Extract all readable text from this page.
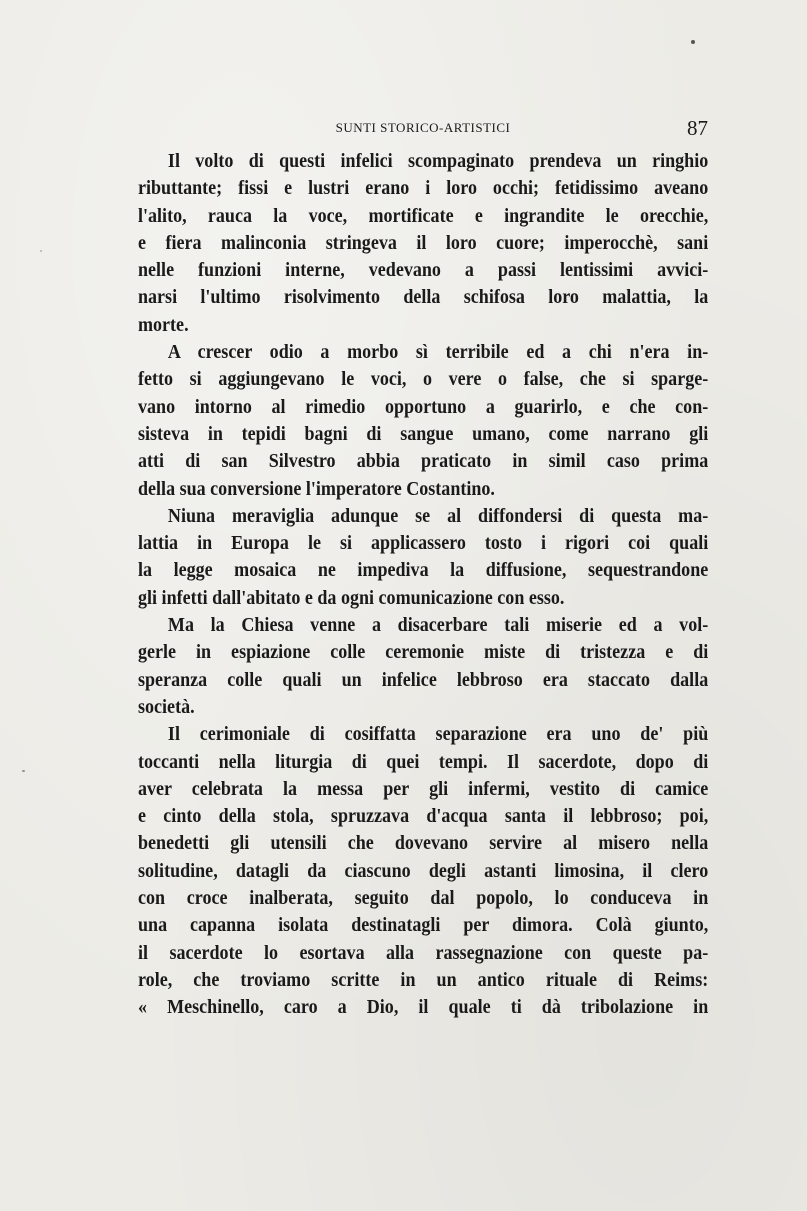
SUNTI STORICO-ARTISTICI	87
Il volto di questi infelici scompaginato prendeva un ringhio
ributtante; fissi e lustri erano i loro occhi; fetidissimo aveano
l'alito, rauca la voce, mortificate e ingrandite le orecchie,
e fiera malinconia stringeva il loro cuore; imperocchè, sani
nelle funzioni interne, vedevano a passi lentissimi avvici-
narsi l'ultimo risolvimento della schifosa loro malattia, la
morte.
A crescer odio a morbo sì terribile ed a chi n'era in-
fetto si aggiungevano le voci, o vere o false, che si sparge-
vano intorno al rimedio opportuno a guarirlo, e che con-
sisteva in tepidi bagni di sangue umano, come narrano gli
atti di san Silvestro abbia praticato in simil caso prima
della sua conversione l'imperatore Costantino.
Niuna meraviglia adunque se al diffondersi di questa ma-
lattia in Europa le si applicassero tosto i rigori coi quali
la legge mosaica ne impediva la diffusione, sequestrandone
gli infetti dall'abitato e da ogni comunicazione con esso.
Ma la Chiesa venne a disacerbare tali miserie ed a vol-
gerle in espiazione colle ceremonie miste di tristezza e di
speranza colle quali un infelice lebbroso era staccato dalla
società.
Il cerimoniale di cosiffatta separazione era uno de' più
toccanti nella liturgia di quei tempi. Il sacerdote, dopo di
aver celebrata la messa per gli infermi, vestito di camice
e cinto della stola, spruzzava d'acqua santa il lebbroso; poi,
benedetti gli utensili che dovevano servire al misero nella
solitudine, datagli da ciascuno degli astanti limosina, il clero
con croce inalberata, seguito dal popolo, lo conduceva in
una capanna isolata destinatagli per dimora. Colà giunto,
il sacerdote lo esortava alla rassegnazione con queste pa-
role, che troviamo scritte in un antico rituale di Reims:
« Meschinello, caro a Dio, il quale ti dà tribolazione in
